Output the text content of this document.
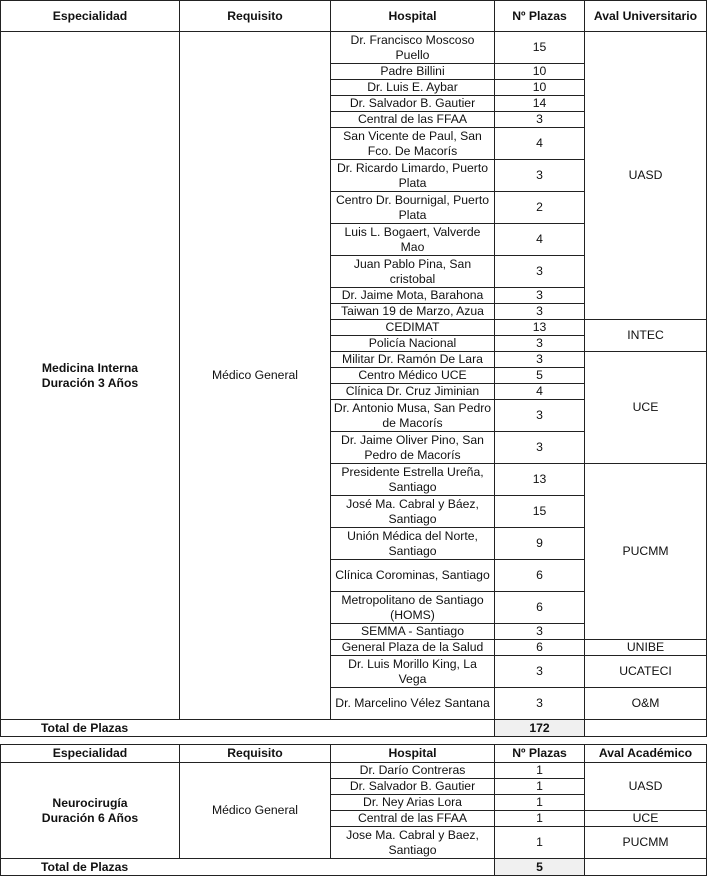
Especialidad	Requisito	Hospital	Nº Plazas	Aval Universitario

Medicina Interna
Duración 3 Años	Médico General	Dr. Francisco Moscoso Puello	15	UASD
		Padre Billini	10	
		Dr. Luis E. Aybar	10	
		Dr. Salvador B. Gautier	14	
		Central de las FFAA	3	
		San Vicente de Paul, San Fco. De Macorís	4	
		Dr. Ricardo Limardo, Puerto Plata	3	
		Centro Dr. Bournigal, Puerto Plata	2	
		Luis L. Bogaert, Valverde Mao	4	
		Juan Pablo Pina, San cristobal	3	
		Dr. Jaime Mota, Barahona	3	
		Taiwan 19 de Marzo, Azua	3	
		CEDIMAT	13	INTEC
		Policía Nacional	3	
		Militar Dr. Ramón De Lara	3	UCE
		Centro Médico UCE	5	
		Clínica Dr. Cruz Jiminian	4	
		Dr. Antonio Musa, San Pedro de Macorís	3	
		Dr. Jaime Oliver Pino, San Pedro de Macorís	3	
		Presidente Estrella Ureña, Santiago	13	PUCMM
		José Ma. Cabral y Báez, Santiago	15	
		Unión Médica del Norte, Santiago	9	
		Clínica Corominas, Santiago	6	
		Metropolitano de Santiago (HOMS)	6	
		SEMMA - Santiago	3	
		General Plaza de la Salud	6	UNIBE
		Dr. Luis Morillo King, La Vega	3	UCATECI
		Dr. Marcelino Vélez Santana	3	O&M
Total de Plazas			172	
Especialidad	Requisito	Hospital	Nº Plazas	Aval Académico

Neurocirugía
Duración 6 Años	Médico General	Dr. Darío Contreras	1	UASD
		Dr. Salvador B. Gautier	1	
		Dr. Ney Arias Lora	1	
		Central de las FFAA	1	UCE
		Jose Ma. Cabral y Baez, Santiago	1	PUCMM
Total de Plazas			5	
